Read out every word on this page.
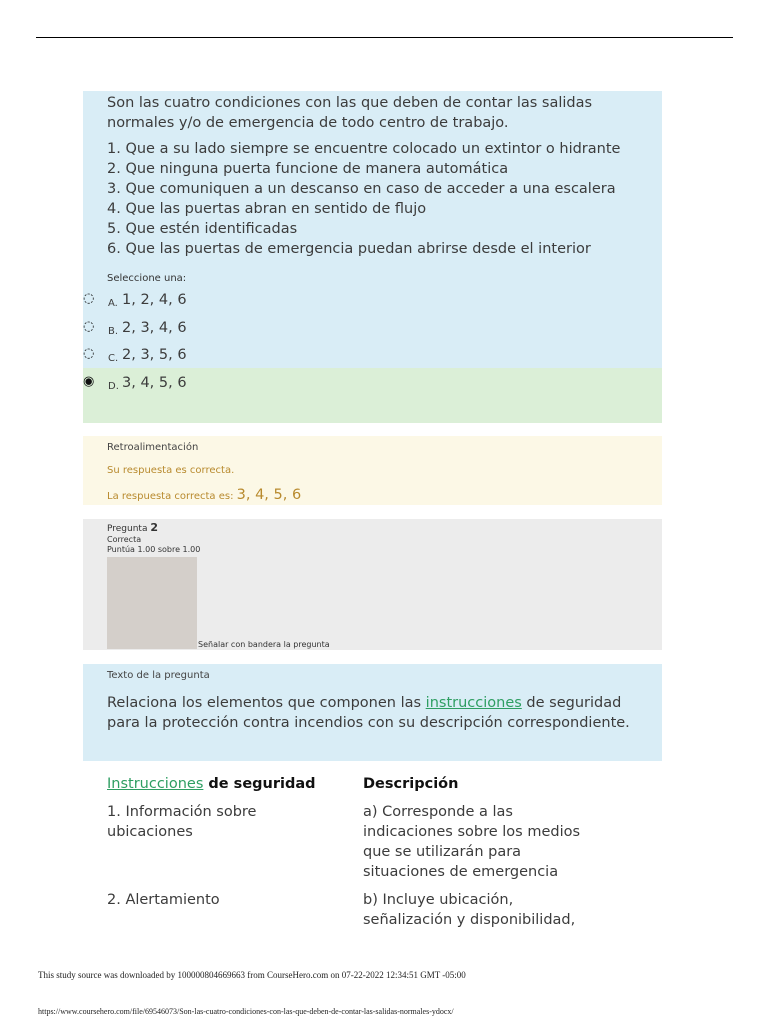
Son las cuatro condiciones con las que deben de contar las salidas normales y/o de emergencia de todo centro de trabajo.

1. Que a su lado siempre se encuentre colocado un extintor o hidrante

2. Que ninguna puerta funcione de manera automática

3. Que comuniquen a un descanso en caso de acceder a una escalera

4. Que las puertas abran en sentido de flujo

5. Que estén identificadas

6. Que las puertas de emergencia puedan abrirse desde el interior

Seleccione una:
◌ A. 1, 2, 4, 6
◌ B. 2, 3, 4, 6
◌ C. 2, 3, 5, 6
◉ D. 3, 4, 5, 6
Retroalimentación
Su respuesta es correcta.
La respuesta correcta es: 3, 4, 5, 6
Pregunta 2
Correcta
Puntúa 1.00 sobre 1.00
Señalar con bandera la pregunta
Texto de la pregunta
Relaciona los elementos que componen las instrucciones de seguridad para la protección contra incendios con su descripción correspondiente.
Instrucciones de seguridad	Descripción
1. Información sobre ubicaciones
a) Corresponde a las indicaciones sobre los medios que se utilizarán para situaciones de emergencia
2. Alertamiento	b) Incluye ubicación, señalización y disponibilidad,
This study source was downloaded by 100000804669663 from CourseHero.com on 07-22-2022 12:34:51 GMT -05:00
https://www.coursehero.com/file/69546073/Son-las-cuatro-condiciones-con-las-que-deben-de-contar-las-salidas-normales-ydocx/
